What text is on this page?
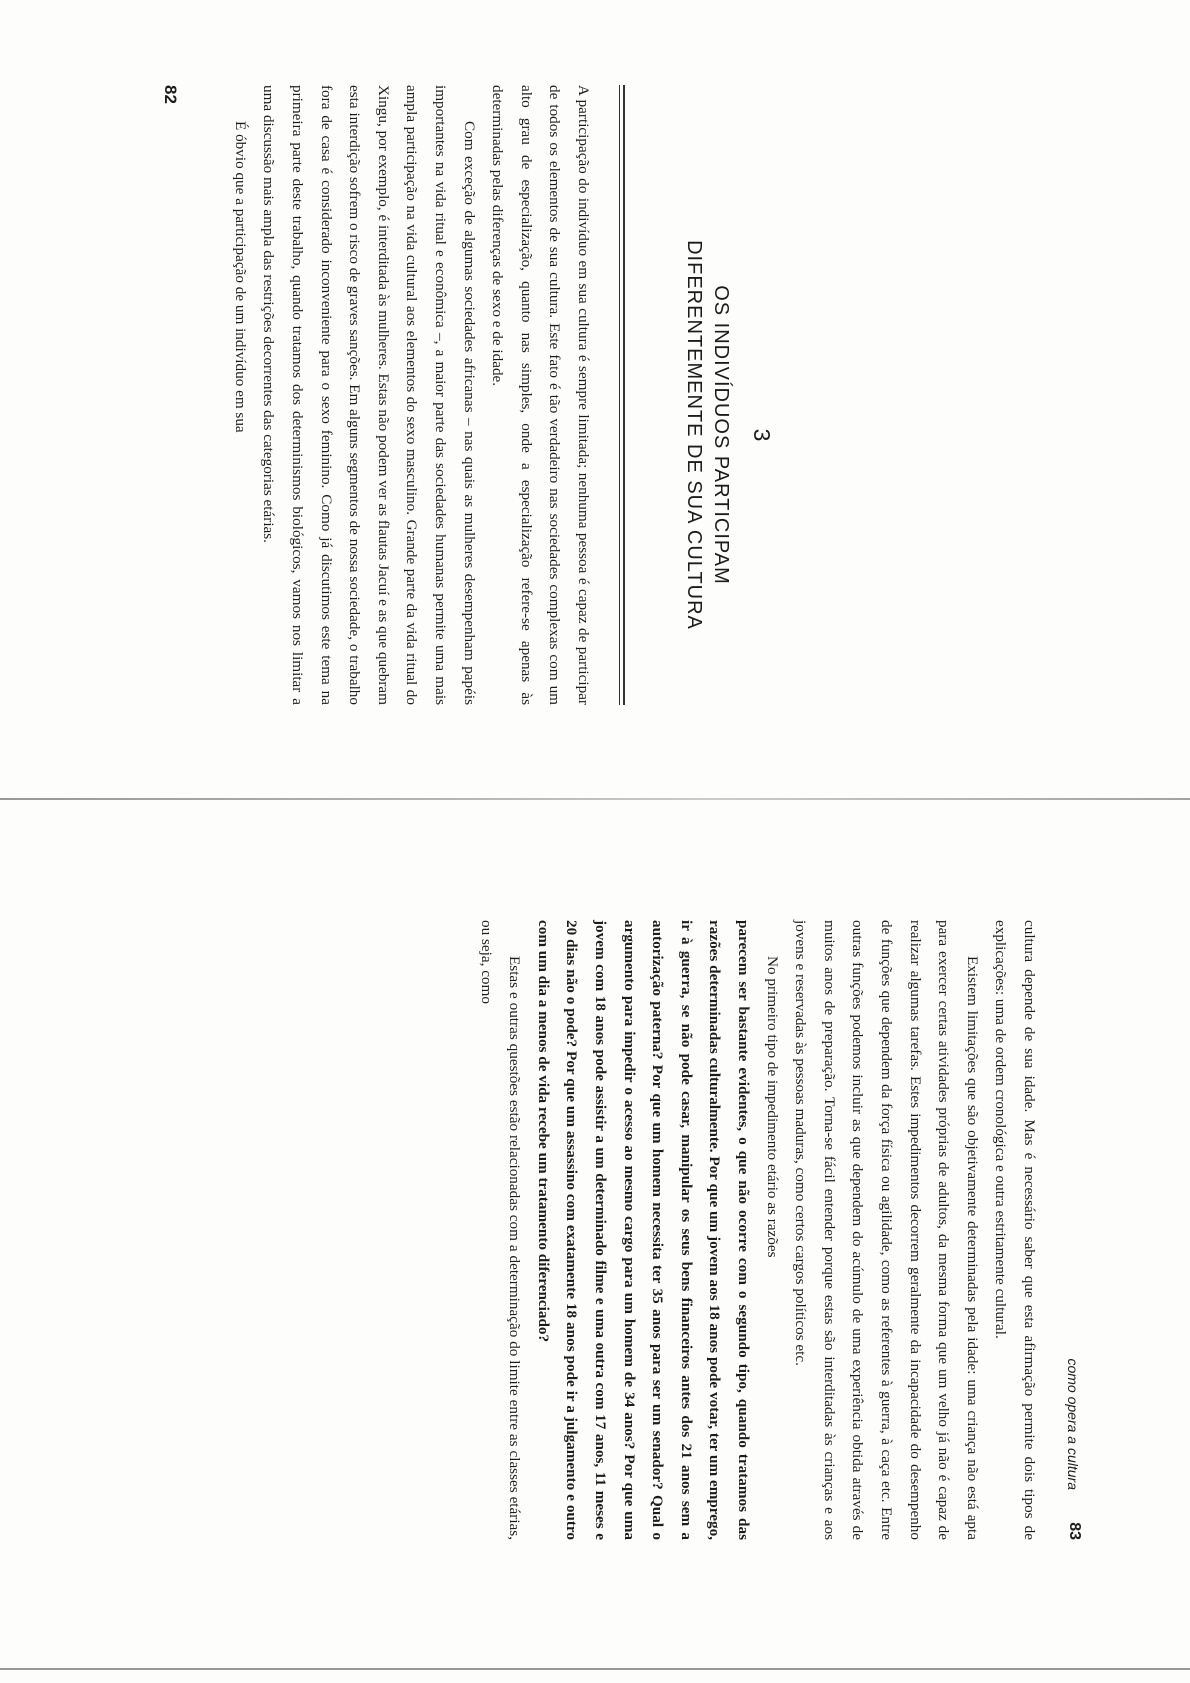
3
OS INDIVÍDUOS PARTICIPAM
DIFERENTEMENTE DE SUA CULTURA

A participação do indivíduo em sua cultura é sempre limitada; nenhuma pessoa é capaz de participar de todos os elementos de sua cultura. Este fato é tão verdadeiro nas sociedades complexas com um alto grau de especialização, quanto nas simples, onde a especialização refere-se apenas às determinadas pelas diferenças de sexo e de idade.

Com exceção de algumas sociedades africanas – nas quais as mulheres desempenham papéis importantes na vida ritual e econômica –, a maior parte das sociedades humanas permite uma mais ampla participação na vida cultural aos elementos do sexo masculino. Grande parte da vida ritual do Xingu, por exemplo, é interditada às mulheres. Estas não podem ver as flautas Jacuí e as que quebram esta interdição sofrem o risco de graves sanções. Em alguns segmentos de nossa sociedade, o trabalho fora de casa é considerado inconveniente para o sexo feminino. Como já discutimos este tema na primeira parte deste trabalho, quando tratamos dos determinismos biológicos, vamos nos limitar a uma discussão mais ampla das restrições decorrentes das categorias etárias.

É óbvio que a participação de um indivíduo em sua

82
como opera a cultura
83

cultura depende de sua idade. Mas é necessário saber que esta afirmação permite dois tipos de explicações: uma de ordem cronológica e outra estritamente cultural.

Existem limitações que são objetivamente determinadas pela idade: uma criança não está apta para exercer certas atividades próprias de adultos, da mesma forma que um velho já não é capaz de realizar algumas tarefas. Estes impedimentos decorrem geralmente da incapacidade do desempenho de funções que dependem da força física ou agilidade, como as referentes à guerra, à caça etc. Entre outras funções podemos incluir as que dependem do acúmulo de uma experiência obtida através de muitos anos de preparação. Torna-se fácil entender porque estas são interditadas às crianças e aos jovens e reservadas às pessoas maduras, como certos cargos políticos etc.

No primeiro tipo de impedimento etário as razões

parecem ser bastante evidentes, o que não ocorre com o segundo tipo, quando tratamos das razões determinadas culturalmente. Por que um jovem aos 18 anos pode votar, ter um emprego, ir à guerra, se não pode casar, manipular os seus bens financeiros antes dos 21 anos sem a autorização paterna? Por que um homem necessita ter 35 anos para ser um senador? Qual o argumento para impedir o acesso ao mesmo cargo para um homem de 34 anos? Por que uma jovem com 18 anos pode assistir a um determinado filme e uma outra com 17 anos, 11 meses e 20 dias não o pode? Por que um assassino com exatamente 18 anos pode ir a julgamento e outro com um dia a menos de vida recebe um tratamento diferenciado?

Estas e outras questões estão relacionadas com a determinação do limite entre as classes etárias, ou seja, como
